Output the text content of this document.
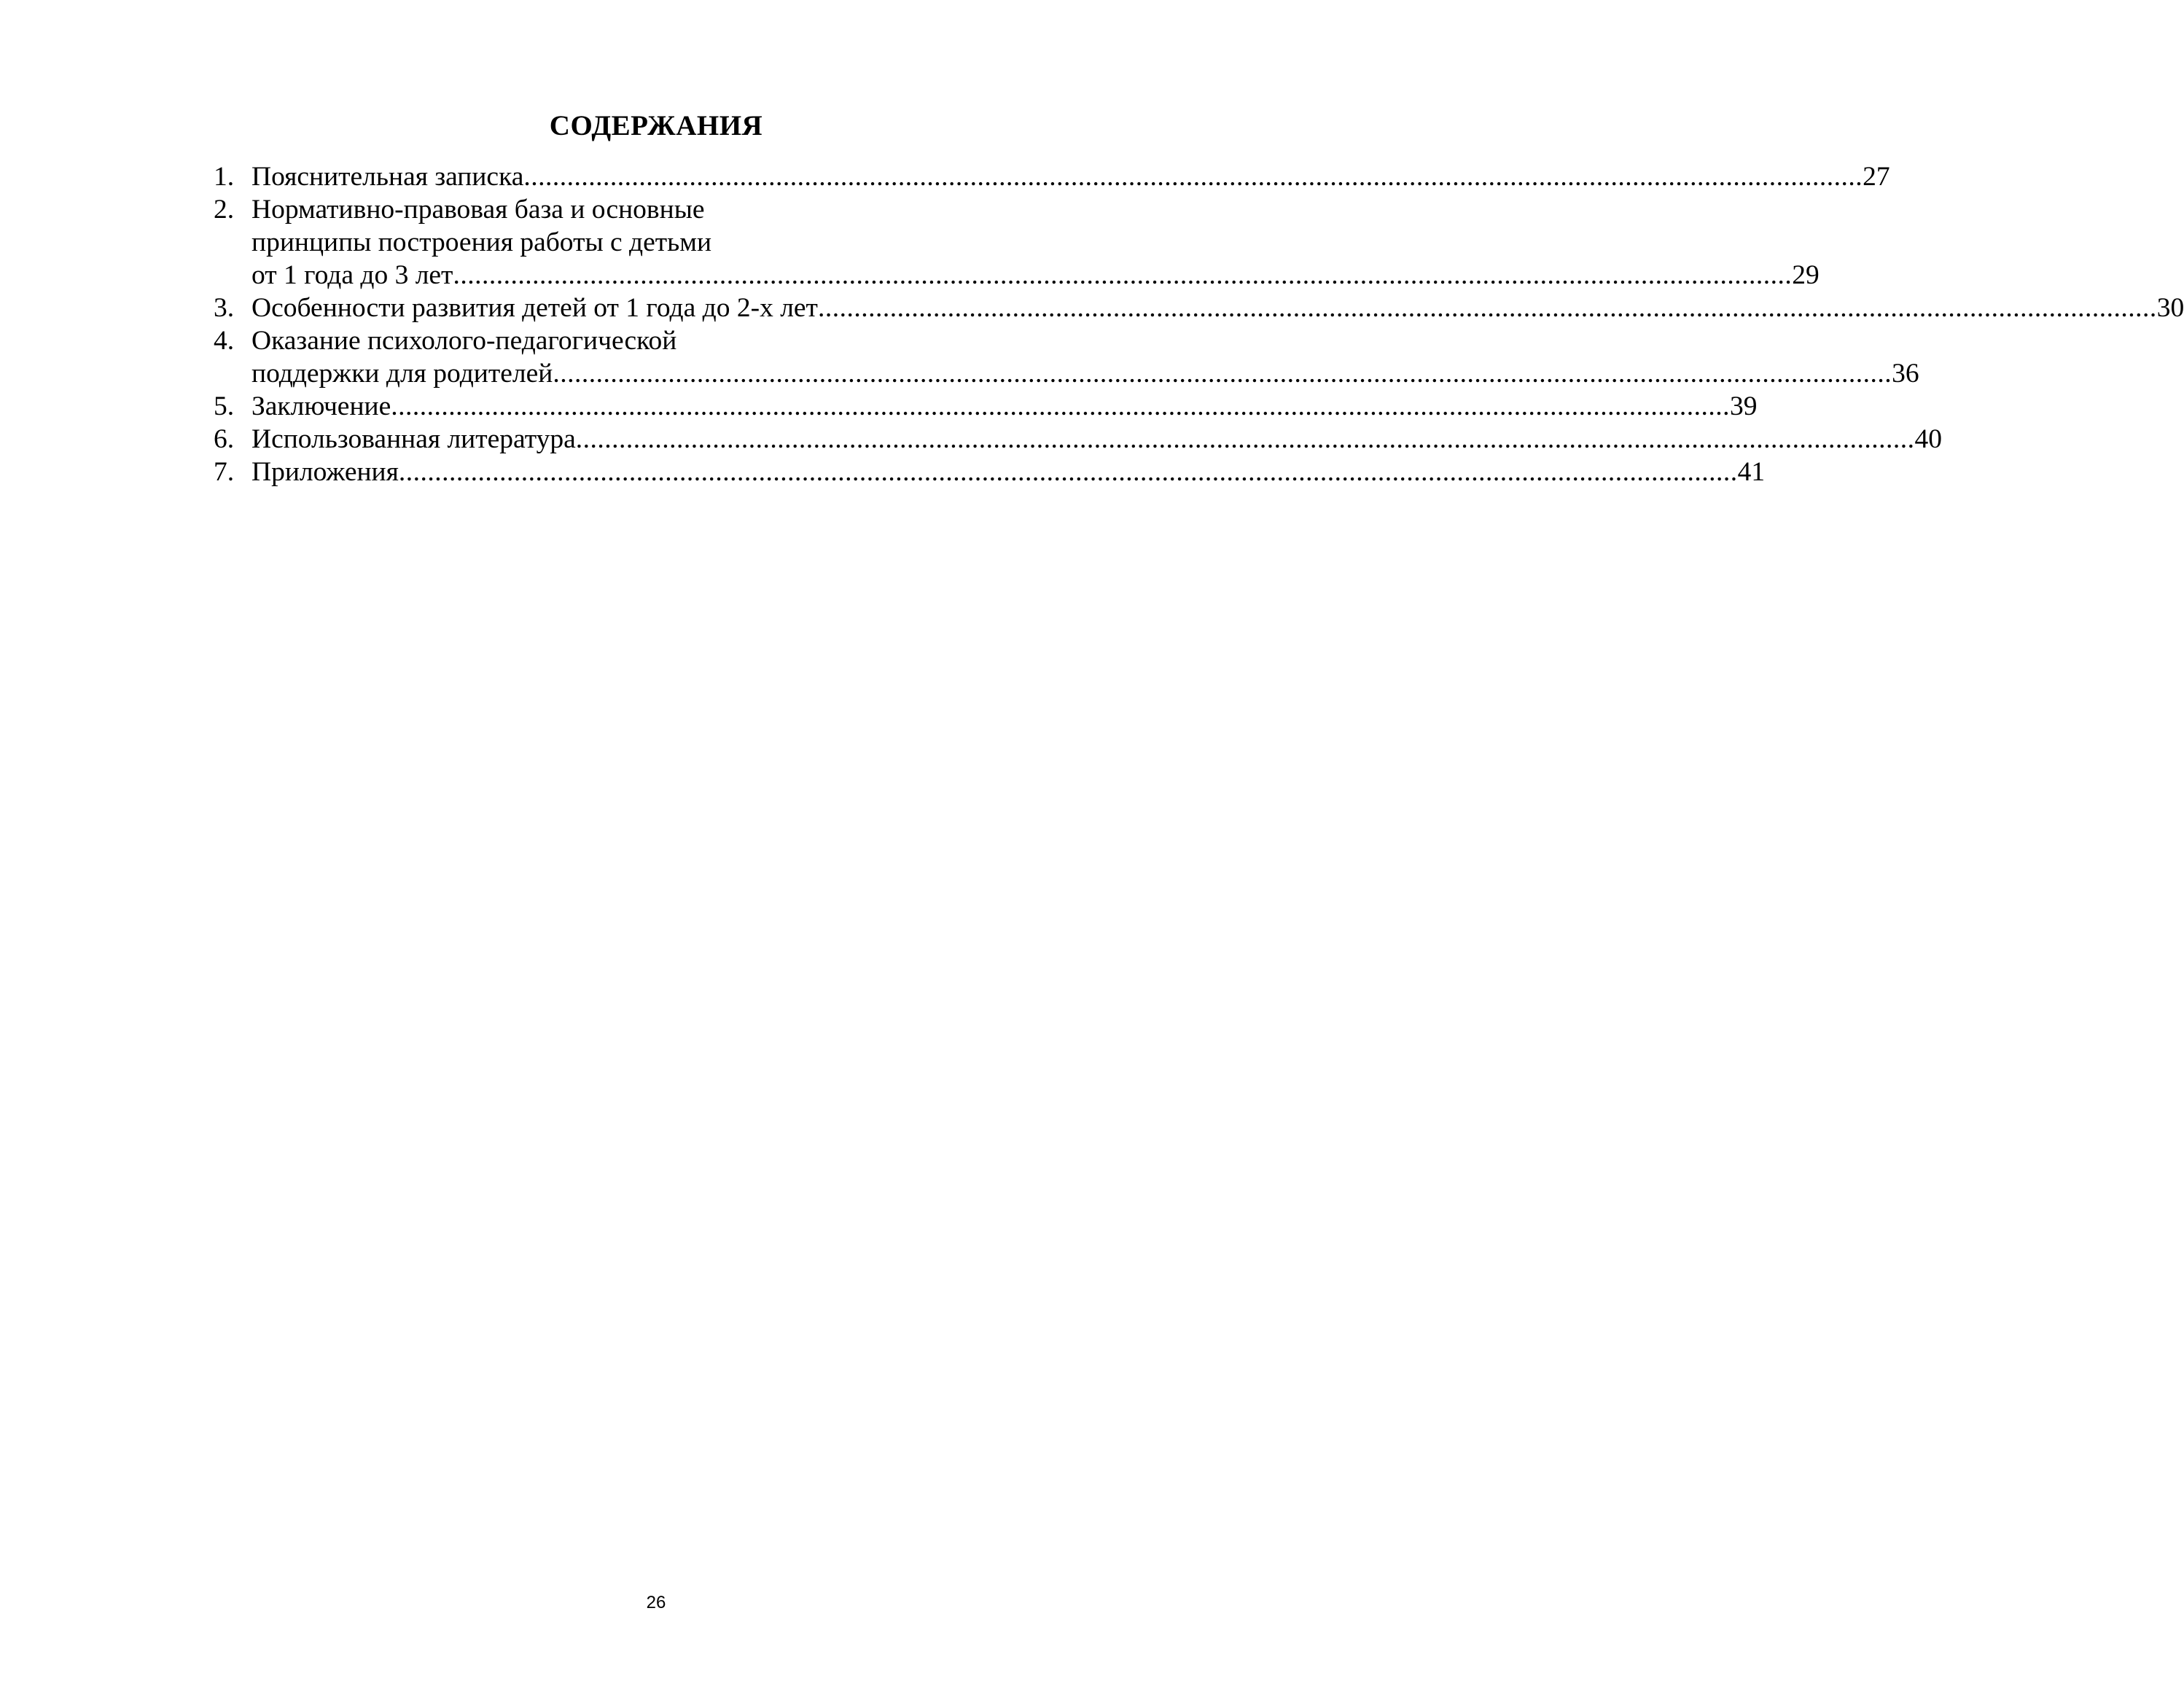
СОДЕРЖАНИЯ
1. Пояснительная записка .......................................................................................................................................................................................... 27
2. Нормативно-правовая база и основные
принципы построения работы с детьми
от 1 года до 3 лет .......................................................................................................................................................................................... 29
3. Особенности развития детей от 1 года до 2-х лет .......................................................................................................................................................................................... 30
4. Оказание психолого-педагогической
поддержки для родителей .......................................................................................................................................................................................... 36
5. Заключение .......................................................................................................................................................................................... 39
6. Использованная литература .......................................................................................................................................................................................... 40
7. Приложения .......................................................................................................................................................................................... 41
26
